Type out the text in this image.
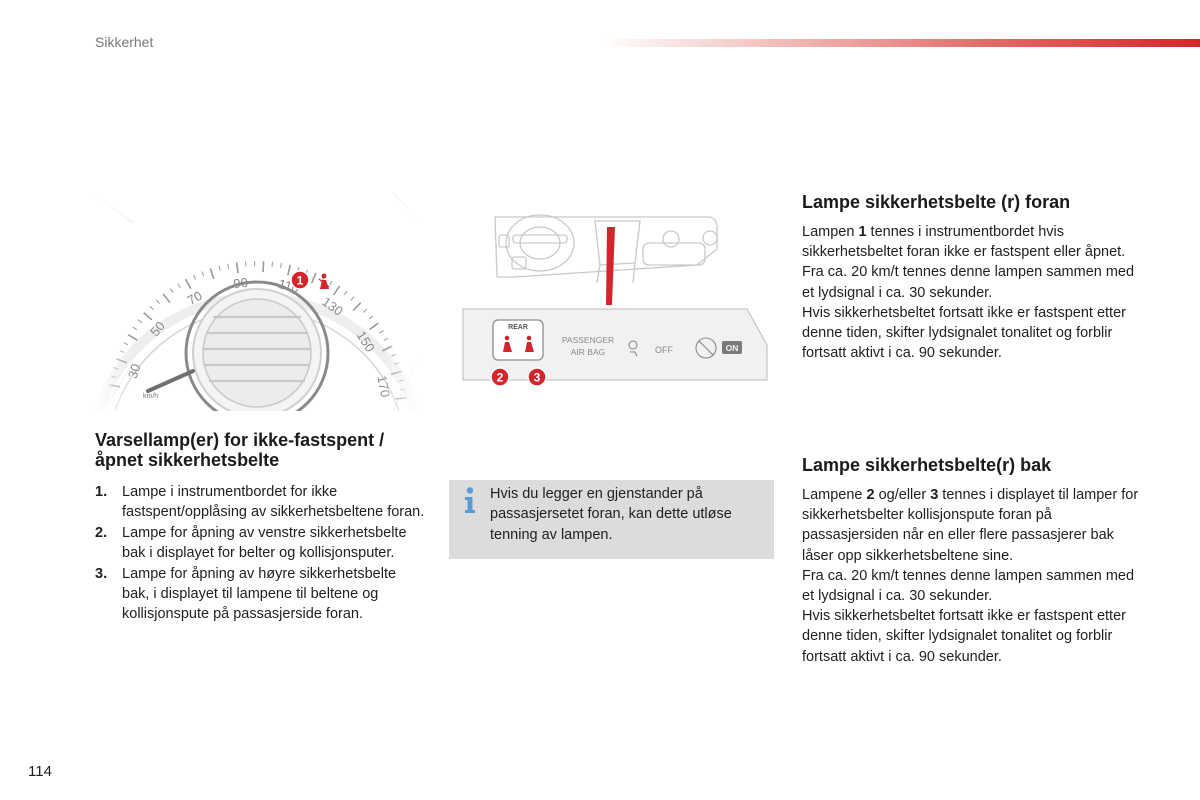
Sikkerhet
REAR
PASSENGER
AIR BAG	OFF	ON
2	3
Varsellamp(er) for ikke-fastspent / åpnet sikkerhetsbelte
1. Lampe i instrumentbordet for ikke fastspent/opplåsing av sikkerhetsbeltene foran.
2. Lampe for åpning av venstre sikkerhetsbelte bak i displayet for belter og kollisjonsputer.
3. Lampe for åpning av høyre sikkerhetsbelte bak, i displayet til lampene til beltene og kollisjonspute på passasjerside foran.
Hvis du legger en gjenstander på passasjersetet foran, kan dette utløse tenning av lampen.
Lampe sikkerhetsbelte (r) foran

Lampen 1 tennes i instrumentbordet hvis sikkerhetsbeltet foran ikke er fastspent eller åpnet.
Fra ca. 20 km/t tennes denne lampen sammen med et lydsignal i ca. 30 sekunder.
Hvis sikkerhetsbeltet fortsatt ikke er fastspent etter denne tiden, skifter lydsignalet tonalitet og forblir fortsatt aktivt i ca. 90 sekunder.

Lampe sikkerhetsbelte(r) bak

Lampene 2 og/eller 3 tennes i displayet til lamper for sikkerhetsbelter kollisjonspute foran på passasjersiden når en eller flere passasjerer bak låser opp sikkerhetsbeltene sine.
Fra ca. 20 km/t tennes denne lampen sammen med et lydsignal i ca. 30 sekunder.
Hvis sikkerhetsbeltet fortsatt ikke er fastspent etter denne tiden, skifter lydsignalet tonalitet og forblir fortsatt aktivt i ca. 90 sekunder.

114
